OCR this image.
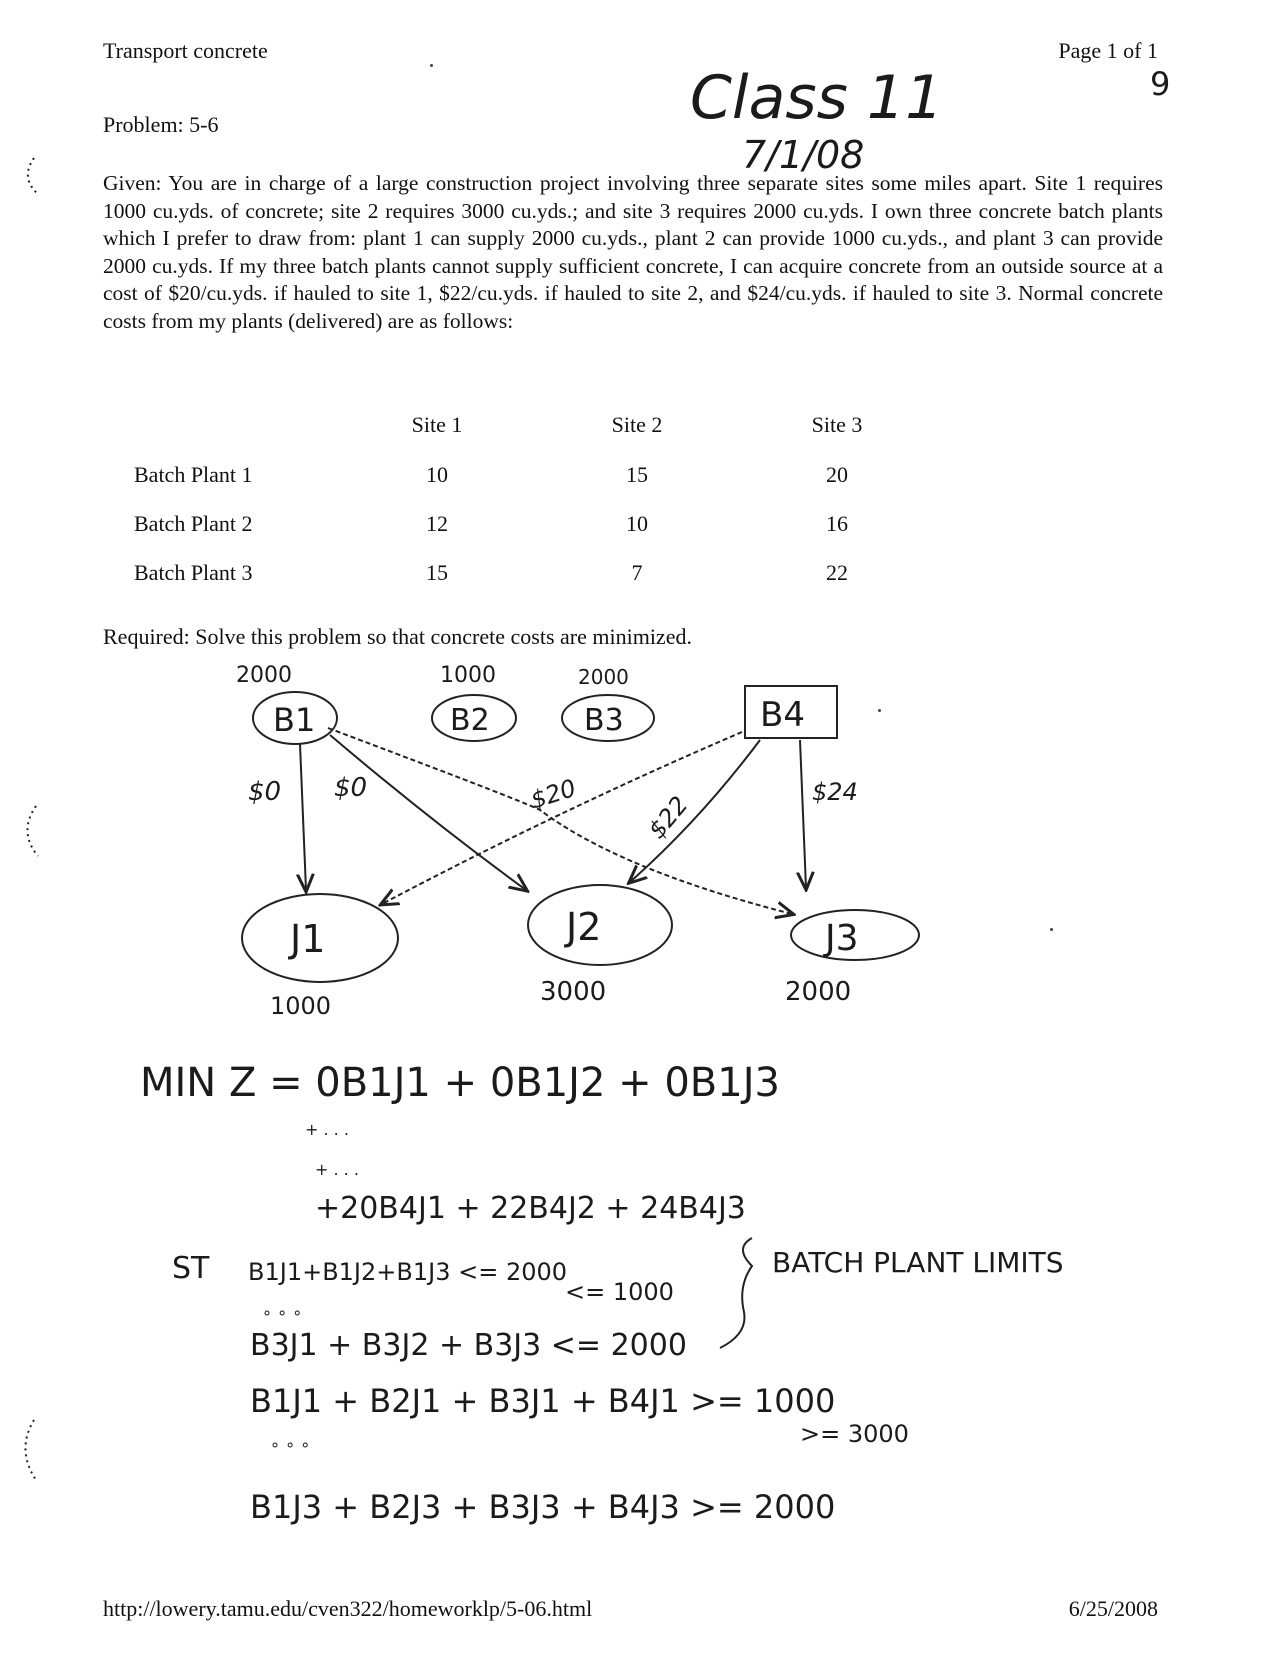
Transport concrete	Page 1 of 1
Problem: 5-6
Given: You are in charge of a large construction project involving three separate sites some miles apart. Site 1 requires 1000 cu.yds. of concrete; site 2 requires 3000 cu.yds.; and site 3 requires 2000 cu.yds. I own three concrete batch plants which I prefer to draw from: plant 1 can supply 2000 cu.yds., plant 2 can provide 1000 cu.yds., and plant 3 can provide 2000 cu.yds. If my three batch plants cannot supply sufficient concrete, I can acquire concrete from an outside source at a cost of $20/cu.yds. if hauled to site 1, $22/cu.yds. if hauled to site 2, and $24/cu.yds. if hauled to site 3. Normal concrete costs from my plants (delivered) are as follows:
	Site 1	Site 2	Site 3
Batch Plant 1	10	15	20
Batch Plant 2	12	10	16
Batch Plant 3	15	7	22
Required: Solve this problem so that concrete costs are minimized.
http://lowery.tamu.edu/cven322/homeworklp/5-06.html	6/25/2008
Class 11
7/1/08
9
2000	1000	2000
B1	B2	B3	B4
J1	J2	J3
1000	3000	2000
$0 $0	$20	$22	$24
MIN Z = 0B1J1 + 0B1J2 + 0B1J3
+ . . .
+ . . .
+20B4J1 + 22B4J2 + 24B4J3
ST B1J1+B1J2+B1J3 <= 2000
<= 1000
∘ ∘ ∘
B3J1 + B3J2 + B3J3 <= 2000
BATCH PLANT LIMITS
B1J1 + B2J1 + B3J1 + B4J1 >= 1000
∘ ∘ ∘	>= 3000
B1J3 + B2J3 + B3J3 + B4J3 >= 2000
